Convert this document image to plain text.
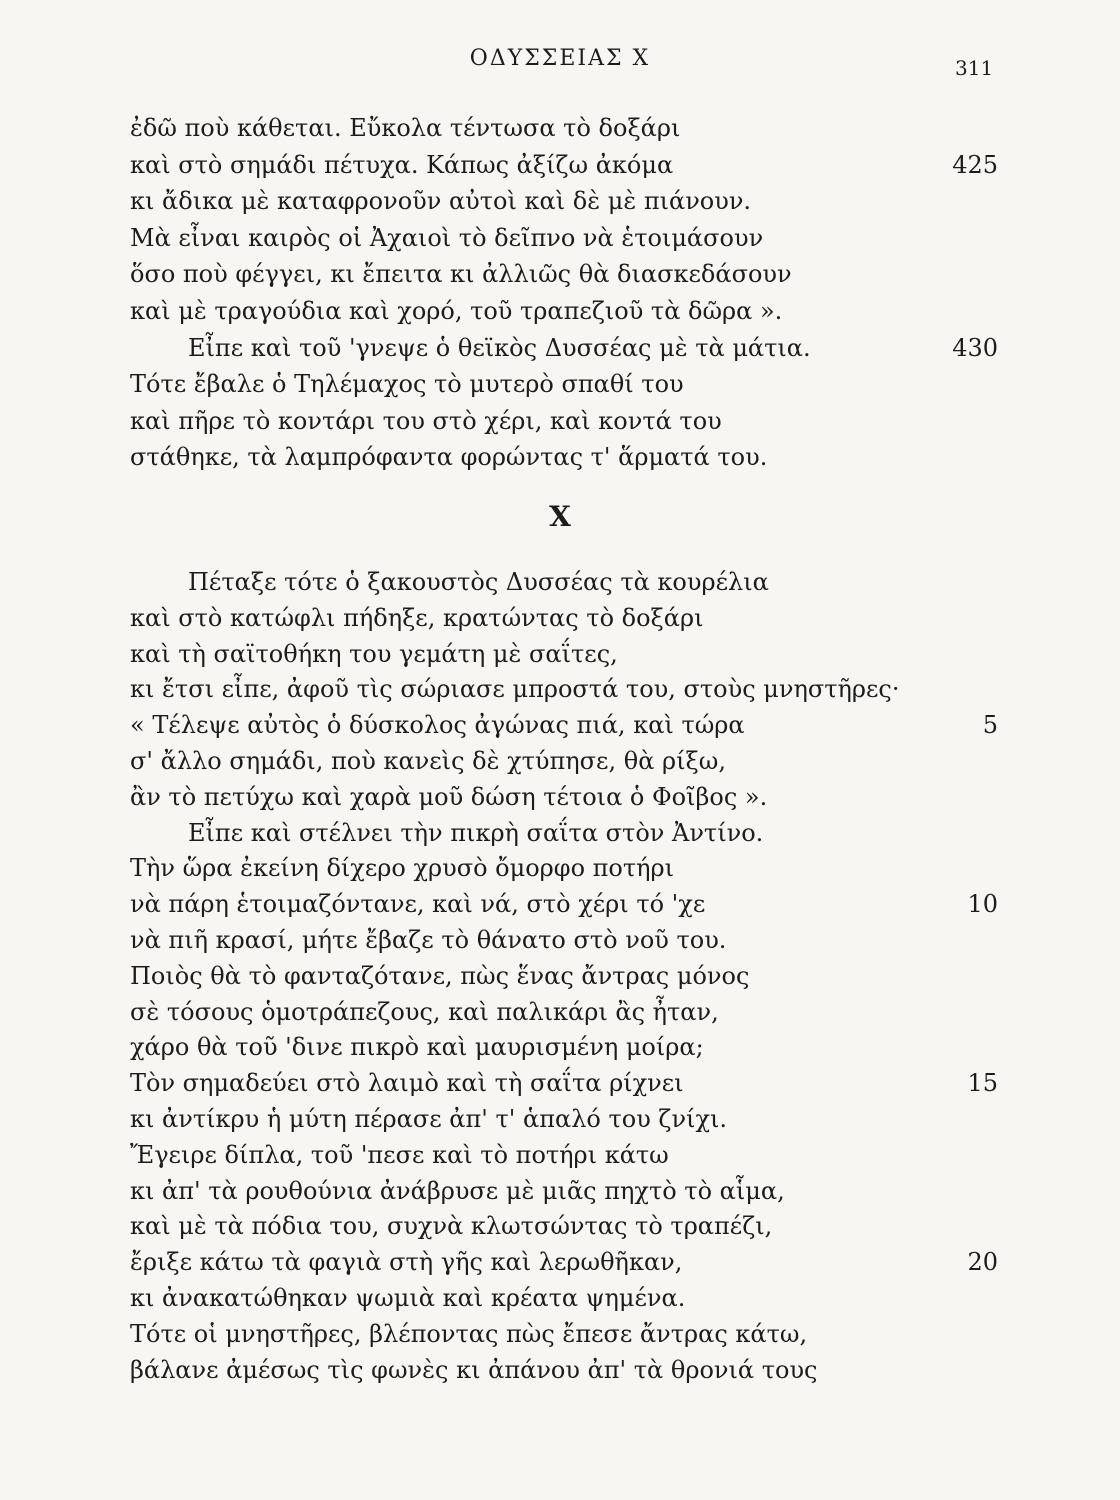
ΟΔΥΣΣΕΙΑΣ Χ	311
ἐδῶ ποὺ κάθεται. Εὔκολα τέντωσα τὸ δοξάρι
καὶ στὸ σημάδι πέτυχα. Κάπως ἀξίζω ἀκόμα	425
κι ἄδικα μὲ καταφρονοῦν αὐτοὶ καὶ δὲ μὲ πιάνουν.
Μὰ εἶναι καιρὸς οἱ Ἀχαιοὶ τὸ δεῖπνο νὰ ἑτοιμάσουν
ὅσο ποὺ φέγγει, κι ἔπειτα κι ἀλλιῶς θὰ διασκεδάσουν
καὶ μὲ τραγούδια καὶ χορό, τοῦ τραπεζιοῦ τὰ δῶρα ».
Εἶπε καὶ τοῦ 'γνεψε ὁ θεϊκὸς Δυσσέας μὲ τὰ μάτια.	430
Τότε ἔβαλε ὁ Τηλέμαχος τὸ μυτερὸ σπαθί του
καὶ πῆρε τὸ κοντάρι του στὸ χέρι, καὶ κοντά του
στάθηκε, τὰ λαμπρόφαντα φορώντας τ' ἅρματά του.
Χ
Πέταξε τότε ὁ ξακουστὸς Δυσσέας τὰ κουρέλια
καὶ στὸ κατώφλι πήδηξε, κρατώντας τὸ δοξάρι
καὶ τὴ σαϊτοθήκη του γεμάτη μὲ σαΐτες,
κι ἔτσι εἶπε, ἀφοῦ τὶς σώριασε μπροστά του, στοὺς μνηστῆρες·
« Τέλεψε αὐτὸς ὁ δύσκολος ἀγώνας πιά, καὶ τώρα	5
σ' ἄλλο σημάδι, ποὺ κανεὶς δὲ χτύπησε, θὰ ρίξω,
ἂν τὸ πετύχω καὶ χαρὰ μοῦ δώση τέτοια ὁ Φοῖβος ».
Εἶπε καὶ στέλνει τὴν πικρὴ σαΐτα στὸν Ἀντίνο.
Τὴν ὥρα ἐκείνη δίχερο χρυσὸ ὄμορφο ποτήρι
νὰ πάρη ἑτοιμαζόντανε, καὶ νά, στὸ χέρι τό 'χε	10
νὰ πιῆ κρασί, μήτε ἔβαζε τὸ θάνατο στὸ νοῦ του.
Ποιὸς θὰ τὸ φανταζότανε, πὼς ἕνας ἄντρας μόνος
σὲ τόσους ὁμοτράπεζους, καὶ παλικάρι ἂς ἦταν,
χάρο θὰ τοῦ 'δινε πικρὸ καὶ μαυρισμένη μοίρα;
Τὸν σημαδεύει στὸ λαιμὸ καὶ τὴ σαΐτα ρίχνει	15
κι ἀντίκρυ ἡ μύτη πέρασε ἀπ' τ' ἁπαλό του ζνίχι.
Ἔγειρε δίπλα, τοῦ 'πεσε καὶ τὸ ποτήρι κάτω
κι ἀπ' τὰ ρουθούνια ἀνάβρυσε μὲ μιᾶς πηχτὸ τὸ αἷμα,
καὶ μὲ τὰ πόδια του, συχνὰ κλωτσώντας τὸ τραπέζι,
ἔριξε κάτω τὰ φαγιὰ στὴ γῆς καὶ λερωθῆκαν,	20
κι ἀνακατώθηκαν ψωμιὰ καὶ κρέατα ψημένα.
Τότε οἱ μνηστῆρες, βλέποντας πὼς ἔπεσε ἄντρας κάτω,
βάλανε ἀμέσως τὶς φωνὲς κι ἀπάνου ἀπ' τὰ θρονιά τους
